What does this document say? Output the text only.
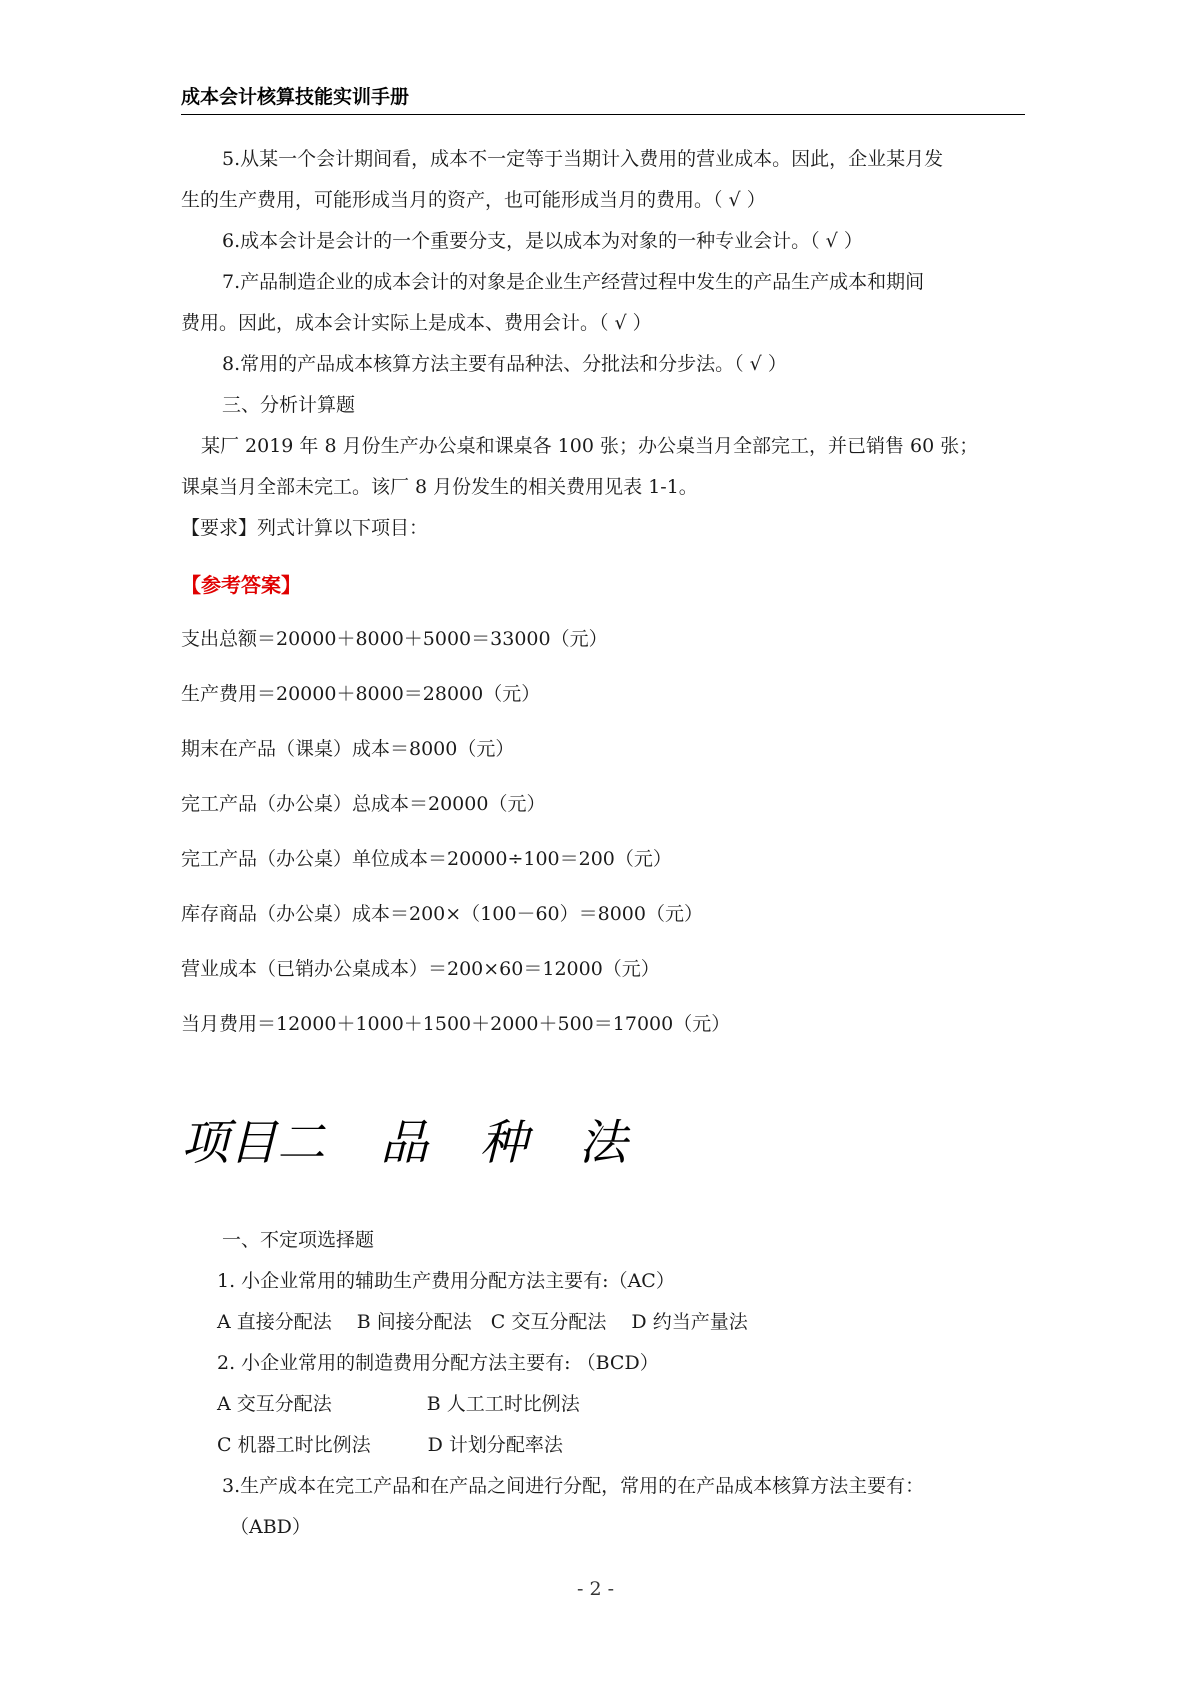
成本会计核算技能实训手册
5.从某一个会计期间看，成本不一定等于当期计入费用的营业成本。因此，企业某月发
生的生产费用，可能形成当月的资产，也可能形成当月的费用。（ √ ）
6.成本会计是会计的一个重要分支，是以成本为对象的一种专业会计。（ √ ）
7.产品制造企业的成本会计的对象是企业生产经营过程中发生的产品生产成本和期间
费用。因此，成本会计实际上是成本、费用会计。（ √ ）
8.常用的产品成本核算方法主要有品种法、分批法和分步法。（ √ ）
三、分析计算题
某厂 2019 年 8 月份生产办公桌和课桌各 100 张；办公桌当月全部完工，并已销售 60 张；
课桌当月全部未完工。该厂 8 月份发生的相关费用见表 1-1。
【要求】列式计算以下项目：
【参考答案】
支出总额＝20000＋8000＋5000＝33000（元）
生产费用＝20000＋8000＝28000（元）
期末在产品（课桌）成本＝8000（元）
完工产品（办公桌）总成本＝20000（元）
完工产品（办公桌）单位成本＝20000÷100＝200（元）
库存商品（办公桌）成本＝200×（100－60）＝8000（元）
营业成本（已销办公桌成本）＝200×60＝12000（元）
当月费用＝12000＋1000＋1500＋2000＋500＝17000（元）
项目二 品 种 法
一、不定项选择题
1. 小企业常用的辅助生产费用分配方法主要有:（AC）
A 直接分配法　 B 间接分配法　C 交互分配法　 D 约当产量法
2. 小企业常用的制造费用分配方法主要有: （BCD）
A 交互分配法　　　　　B 人工工时比例法
C 机器工时比例法　　　D 计划分配率法
3.生产成本在完工产品和在产品之间进行分配，常用的在产品成本核算方法主要有：
（ABD）
- 2 -
